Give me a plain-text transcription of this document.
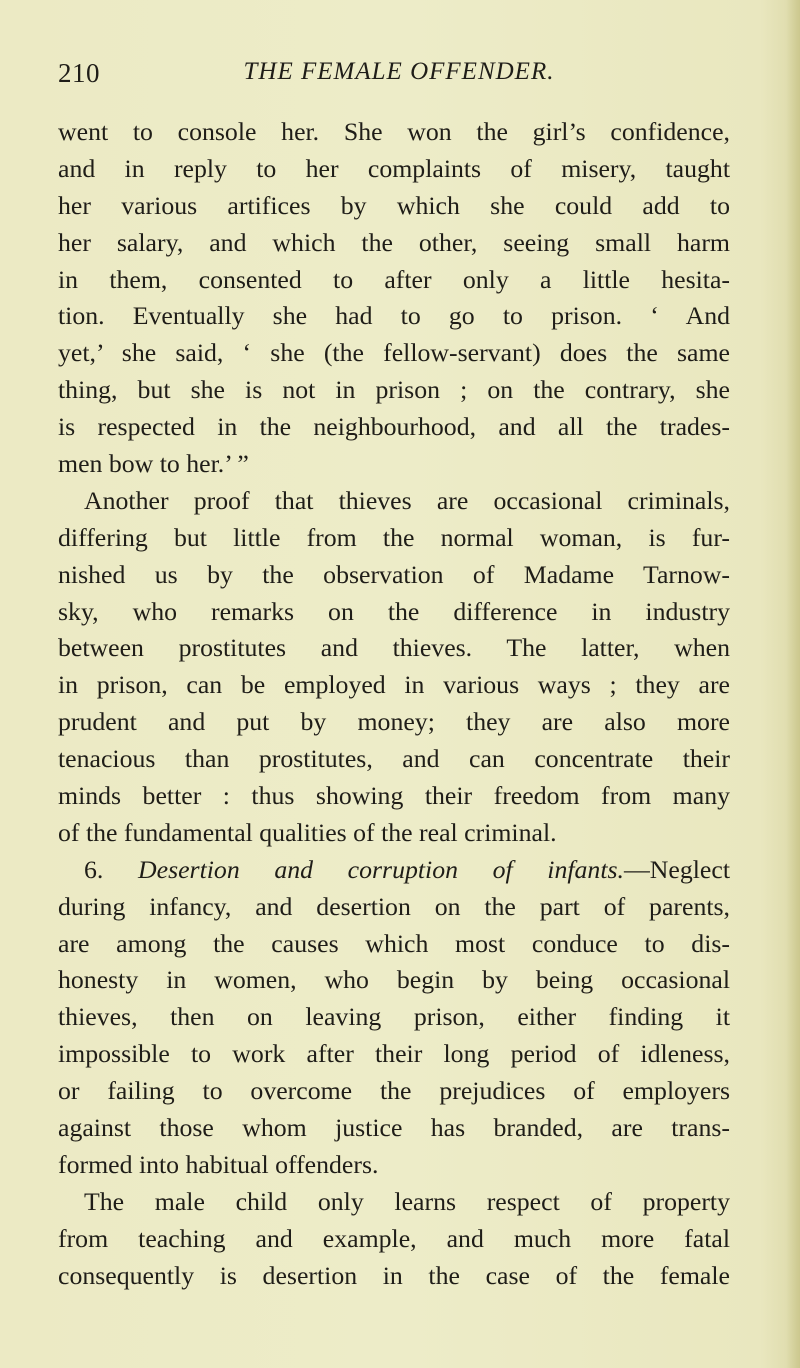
210	THE FEMALE OFFENDER.
went to console her. She won the girl’s confidence,
and in reply to her complaints of misery, taught
her various artifices by which she could add to
her salary, and which the other, seeing small harm
in them, consented to after only a little hesita-
tion. Eventually she had to go to prison. ‘ And
yet,’ she said, ‘ she (the fellow-servant) does the same
thing, but she is not in prison ; on the contrary, she
is respected in the neighbourhood, and all the trades-
men bow to her.’ ”
Another proof that thieves are occasional criminals,
differing but little from the normal woman, is fur-
nished us by the observation of Madame Tarnow-
sky, who remarks on the difference in industry
between prostitutes and thieves. The latter, when
in prison, can be employed in various ways ; they are
prudent and put by money; they are also more
tenacious than prostitutes, and can concentrate their
minds better : thus showing their freedom from many
of the fundamental qualities of the real criminal.
6. Desertion and corruption of infants.—Neglect
during infancy, and desertion on the part of parents,
are among the causes which most conduce to dis-
honesty in women, who begin by being occasional
thieves, then on leaving prison, either finding it
impossible to work after their long period of idleness,
or failing to overcome the prejudices of employers
against those whom justice has branded, are trans-
formed into habitual offenders.
The male child only learns respect of property
from teaching and example, and much more fatal
consequently is desertion in the case of the female
